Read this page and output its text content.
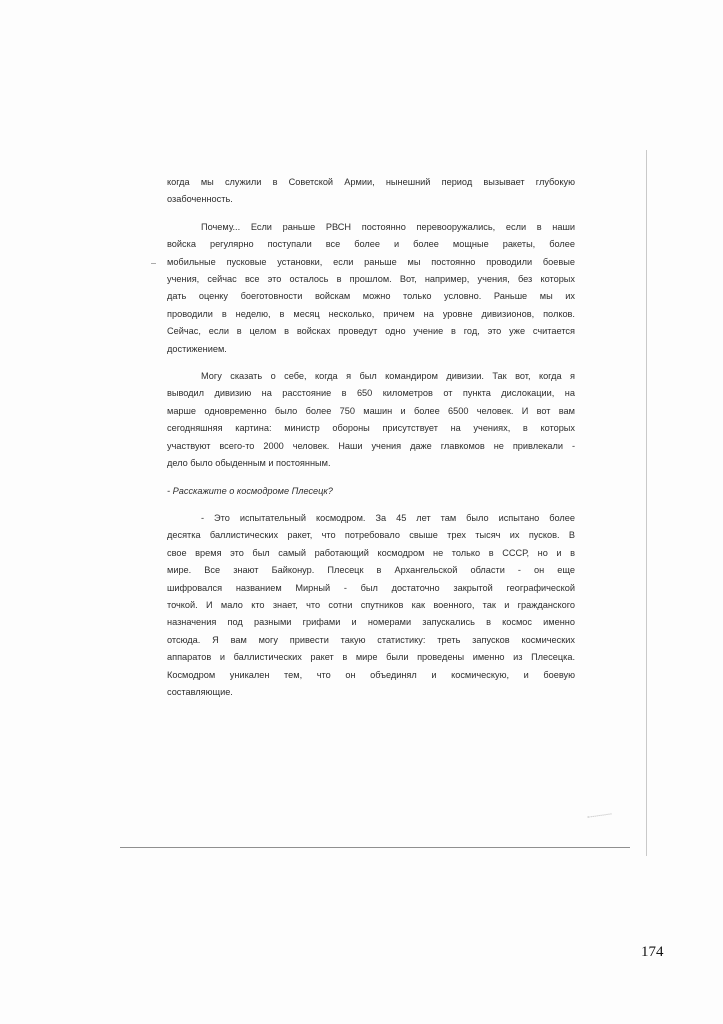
когда мы служили в Советской Армии, нынешний период вызывает глубокую
озабоченность.

Почему... Если раньше РВСН постоянно перевооружались, если в наши
войска регулярно поступали все более и более мощные ракеты, более
мобильные пусковые установки, если раньше мы постоянно проводили боевые
учения, сейчас все это осталось в прошлом. Вот, например, учения, без которых
дать оценку боеготовности войскам можно только условно. Раньше мы их
проводили в неделю, в месяц несколько, причем на уровне дивизионов, полков.
Сейчас, если в целом в войсках проведут одно учение в год, это уже считается
достижением.

Могу сказать о себе, когда я был командиром дивизии. Так вот, когда я
выводил дивизию на расстояние в 650 километров от пункта дислокации, на
марше одновременно было более 750 машин и более 6500 человек. И вот вам
сегодняшняя картина: министр обороны присутствует на учениях, в которых
участвуют всего-то 2000 человек. Наши учения даже главкомов не привлекали -
дело было обыденным и постоянным.

- Расскажите о космодроме Плесецк?

- Это испытательный космодром. За 45 лет там было испытано более
десятка баллистических ракет, что потребовало свыше трех тысяч их пусков. В
свое время это был самый работающий космодром не только в СССР, но и в
мире. Все знают Байконур. Плесецк в Архангельской области - он еще
шифровался названием Мирный - был достаточно закрытой географической
точкой. И мало кто знает, что сотни спутников как военного, так и гражданского
назначения под разными грифами и номерами запускались в космос именно
отсюда. Я вам могу привести такую статистику: треть запусков космических
аппаратов и баллистических ракет в мире были проведены именно из Плесецка.
Космодром уникален тем, что он объединял и космическую, и боевую
составляющие.

174
